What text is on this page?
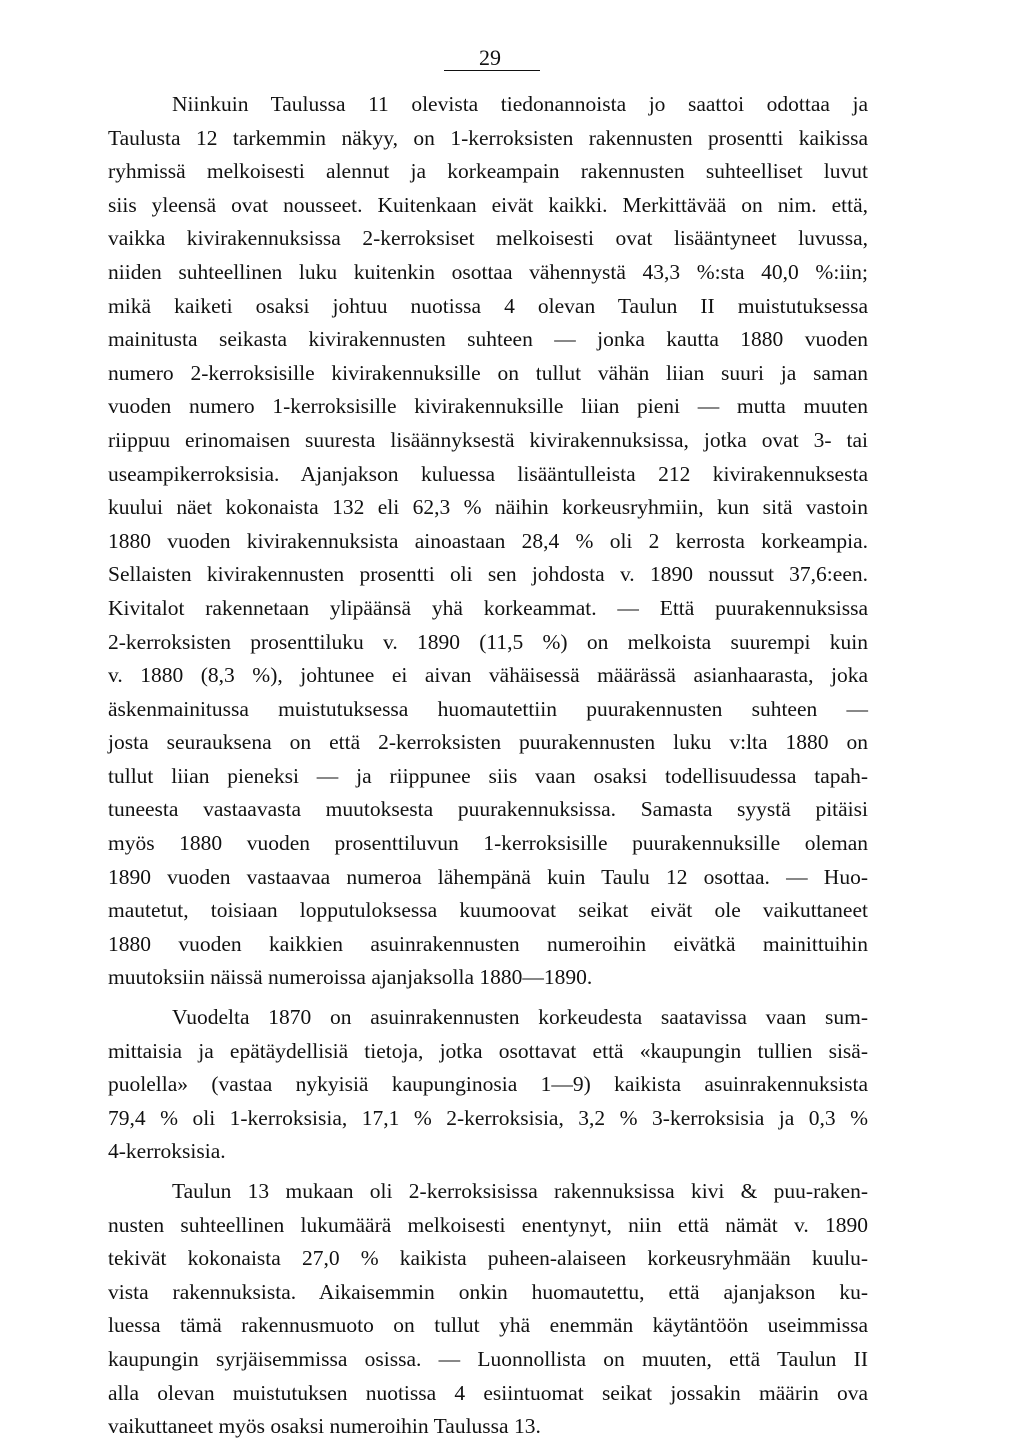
29

Niinkuin Taulussa 11 olevista tiedonannoista jo saattoi odottaa ja
Taulusta 12 tarkemmin näkyy, on 1-kerroksisten rakennusten prosentti kaikissa
ryhmissä melkoisesti alennut ja korkeampain rakennusten suhteelliset luvut
siis yleensä ovat nousseet. Kuitenkaan eivät kaikki. Merkittävää on nim. että,
vaikka kivirakennuksissa 2-kerroksiset melkoisesti ovat lisääntyneet luvussa,
niiden suhteellinen luku kuitenkin osottaa vähennystä 43,3 %:sta 40,0 %:iin;
mikä kaiketi osaksi johtuu nuotissa 4 olevan Taulun II muistutuksessa
mainitusta seikasta kivirakennusten suhteen — jonka kautta 1880 vuoden
numero 2-kerroksisille kivirakennuksille on tullut vähän liian suuri ja saman
vuoden numero 1-kerroksisille kivirakennuksille liian pieni — mutta muuten
riippuu erinomaisen suuresta lisäännyksestä kivirakennuksissa, jotka ovat 3- tai
useampikerroksisia. Ajanjakson kuluessa lisääntulleista 212 kivirakennuksesta
kuului näet kokonaista 132 eli 62,3 % näihin korkeusryhmiin, kun sitä vastoin
1880 vuoden kivirakennuksista ainoastaan 28,4 % oli 2 kerrosta korkeampia.
Sellaisten kivirakennusten prosentti oli sen johdosta v. 1890 noussut 37,6:een.
Kivitalot rakennetaan ylipäänsä yhä korkeammat. — Että puurakennuksissa
2-kerroksisten prosenttiluku v. 1890 (11,5 %) on melkoista suurempi kuin
v. 1880 (8,3 %), johtunee ei aivan vähäisessä määrässä asianhaarasta, joka
äskenmainitussa muistutuksessa huomautettiin puurakennusten suhteen —
josta seurauksena on että 2-kerroksisten puurakennusten luku v:lta 1880 on
tullut liian pieneksi — ja riippunee siis vaan osaksi todellisuudessa tapah-
tuneesta vastaavasta muutoksesta puurakennuksissa. Samasta syystä pitäisi
myös 1880 vuoden prosenttiluvun 1-kerroksisille puurakennuksille oleman
1890 vuoden vastaavaa numeroa lähempänä kuin Taulu 12 osottaa. — Huo-
mautetut, toisiaan lopputuloksessa kuumoovat seikat eivät ole vaikuttaneet
1880 vuoden kaikkien asuinrakennusten numeroihin eivätkä mainittuihin
muutoksiin näissä numeroissa ajanjaksolla 1880—1890.

Vuodelta 1870 on asuinrakennusten korkeudesta saatavissa vaan sum-
mittaisia ja epätäydellisiä tietoja, jotka osottavat että «kaupungin tullien sisä-
puolella» (vastaa nykyisiä kaupunginosia 1—9) kaikista asuinrakennuksista
79,4 % oli 1-kerroksisia, 17,1 % 2-kerroksisia, 3,2 % 3-kerroksisia ja 0,3 %
4-kerroksisia.

Taulun 13 mukaan oli 2-kerroksisissa rakennuksissa kivi & puu-raken-
nusten suhteellinen lukumäärä melkoisesti enentynyt, niin että nämät v. 1890
tekivät kokonaista 27,0 % kaikista puheen-alaiseen korkeusryhmään kuulu-
vista rakennuksista. Aikaisemmin onkin huomautettu, että ajanjakson ku-
luessa tämä rakennusmuoto on tullut yhä enemmän käytäntöön useimmissa
kaupungin syrjäisemmissa osissa. — Luonnollista on muuten, että Taulun II
alla olevan muistutuksen nuotissa 4 esiintuomat seikat jossakin määrin ova
vaikuttaneet myös osaksi numeroihin Taulussa 13.
